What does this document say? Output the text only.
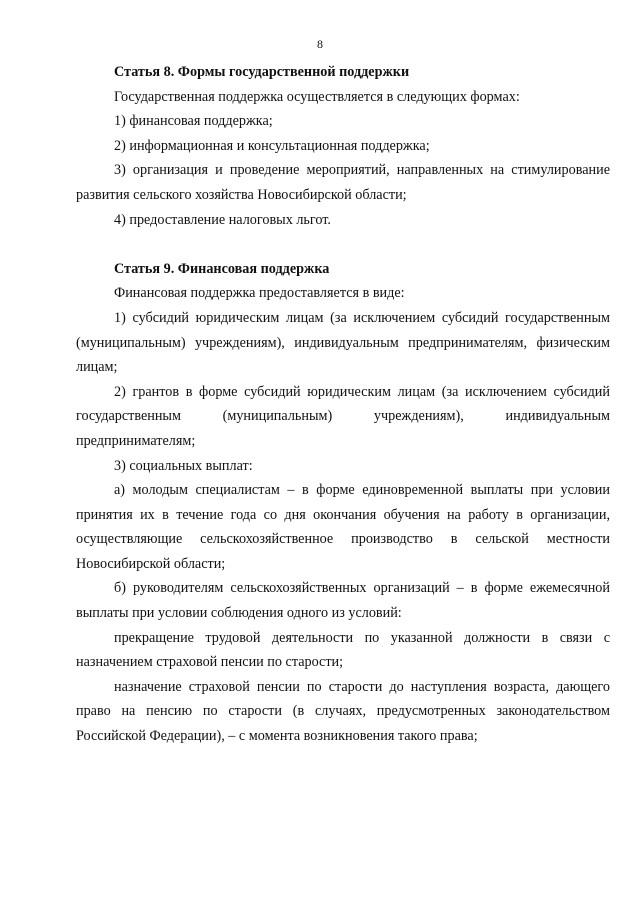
8

Статья 8. Формы государственной поддержки

Государственная поддержка осуществляется в следующих формах:

1) финансовая поддержка;

2) информационная и консультационная поддержка;

3) организация и проведение мероприятий, направленных на стимулирование развития сельского хозяйства Новосибирской области;

4) предоставление налоговых льгот.

Статья 9. Финансовая поддержка

Финансовая поддержка предоставляется в виде:

1) субсидий юридическим лицам (за исключением субсидий государственным (муниципальным) учреждениям), индивидуальным предпринимателям, физическим лицам;

2) грантов в форме субсидий юридическим лицам (за исключением субсидий государственным (муниципальным) учреждениям), индивидуальным предпринимателям;

3) социальных выплат:

а) молодым специалистам – в форме единовременной выплаты при условии принятия их в течение года со дня окончания обучения на работу в организации, осуществляющие сельскохозяйственное производство в сельской местности Новосибирской области;

б) руководителям сельскохозяйственных организаций – в форме ежемесячной выплаты при условии соблюдения одного из условий:

прекращение трудовой деятельности по указанной должности в связи с назначением страховой пенсии по старости;

назначение страховой пенсии по старости до наступления возраста, дающего право на пенсию по старости (в случаях, предусмотренных законодательством Российской Федерации), – с момента возникновения такого права;
